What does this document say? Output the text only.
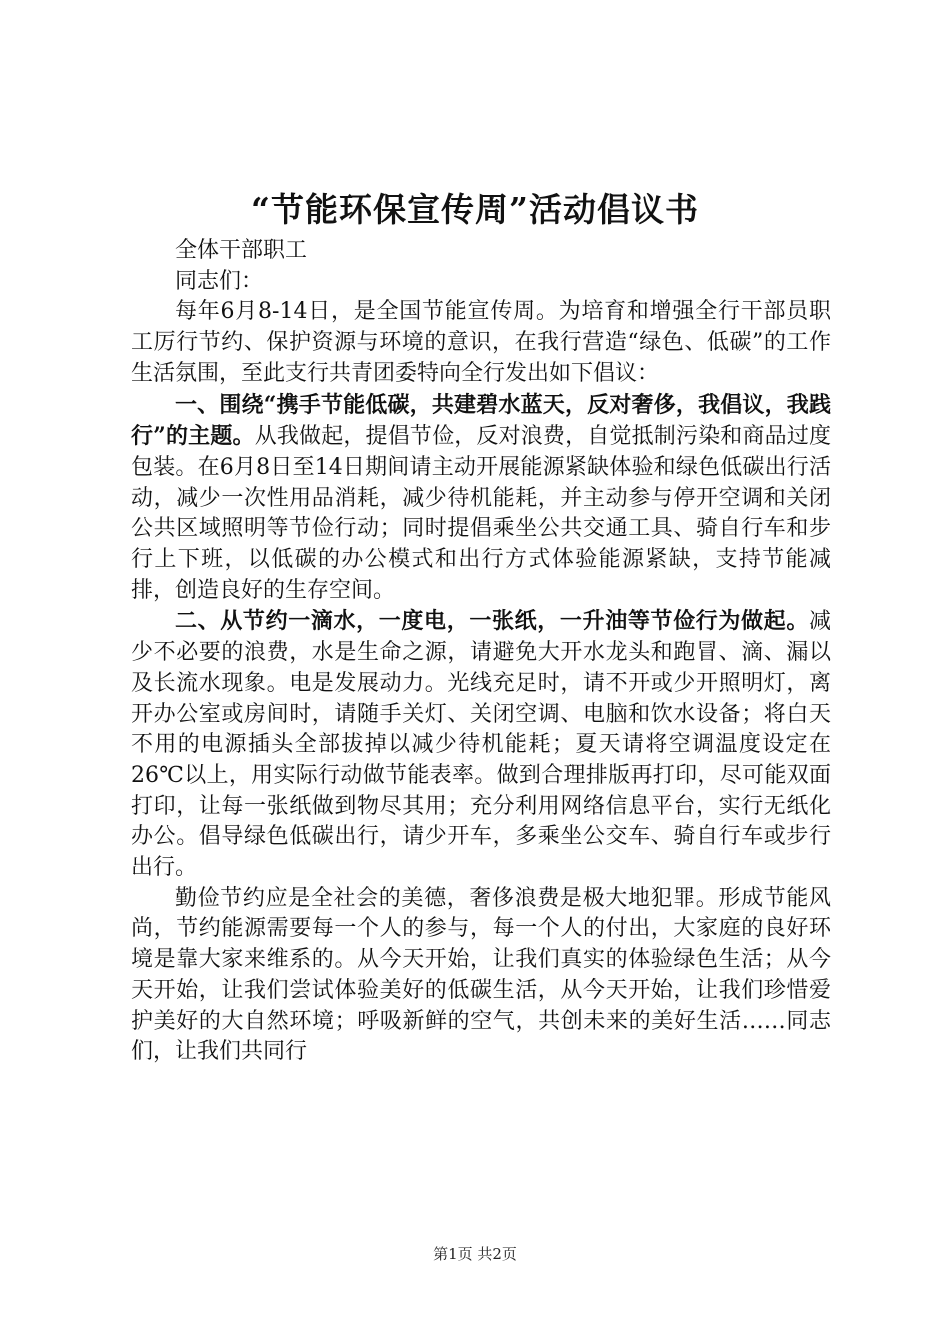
“节能环保宣传周”活动倡议书

全体干部职工

同志们：

每年6月8-14日，是全国节能宣传周。为培育和增强全行干部员职工厉行节约、保护资源与环境的意识，在我行营造“绿色、低碳”的工作生活氛围，至此支行共青团委特向全行发出如下倡议：

一、围绕“携手节能低碳，共建碧水蓝天，反对奢侈，我倡议，我践行”的主题。从我做起，提倡节俭，反对浪费，自觉抵制污染和商品过度包装。在6月8日至14日期间请主动开展能源紧缺体验和绿色低碳出行活动，减少一次性用品消耗，减少待机能耗，并主动参与停开空调和关闭公共区域照明等节俭行动；同时提倡乘坐公共交通工具、骑自行车和步行上下班，以低碳的办公模式和出行方式体验能源紧缺，支持节能减排，创造良好的生存空间。

二、从节约一滴水，一度电，一张纸，一升油等节俭行为做起。减少不必要的浪费，水是生命之源，请避免大开水龙头和跑冒、滴、漏以及长流水现象。电是发展动力。光线充足时，请不开或少开照明灯，离开办公室或房间时，请随手关灯、关闭空调、电脑和饮水设备；将白天不用的电源插头全部拔掉以减少待机能耗；夏天请将空调温度设定在26℃以上，用实际行动做节能表率。做到合理排版再打印，尽可能双面打印，让每一张纸做到物尽其用；充分利用网络信息平台，实行无纸化办公。倡导绿色低碳出行，请少开车，多乘坐公交车、骑自行车或步行出行。

勤俭节约应是全社会的美德，奢侈浪费是极大地犯罪。形成节能风尚，节约能源需要每一个人的参与，每一个人的付出，大家庭的良好环境是靠大家来维系的。从今天开始，让我们真实的体验绿色生活；从今天开始，让我们尝试体验美好的低碳生活，从今天开始，让我们珍惜爱护美好的大自然环境；呼吸新鲜的空气，共创未来的美好生活……同志们，让我们共同行

第1页 共2页
